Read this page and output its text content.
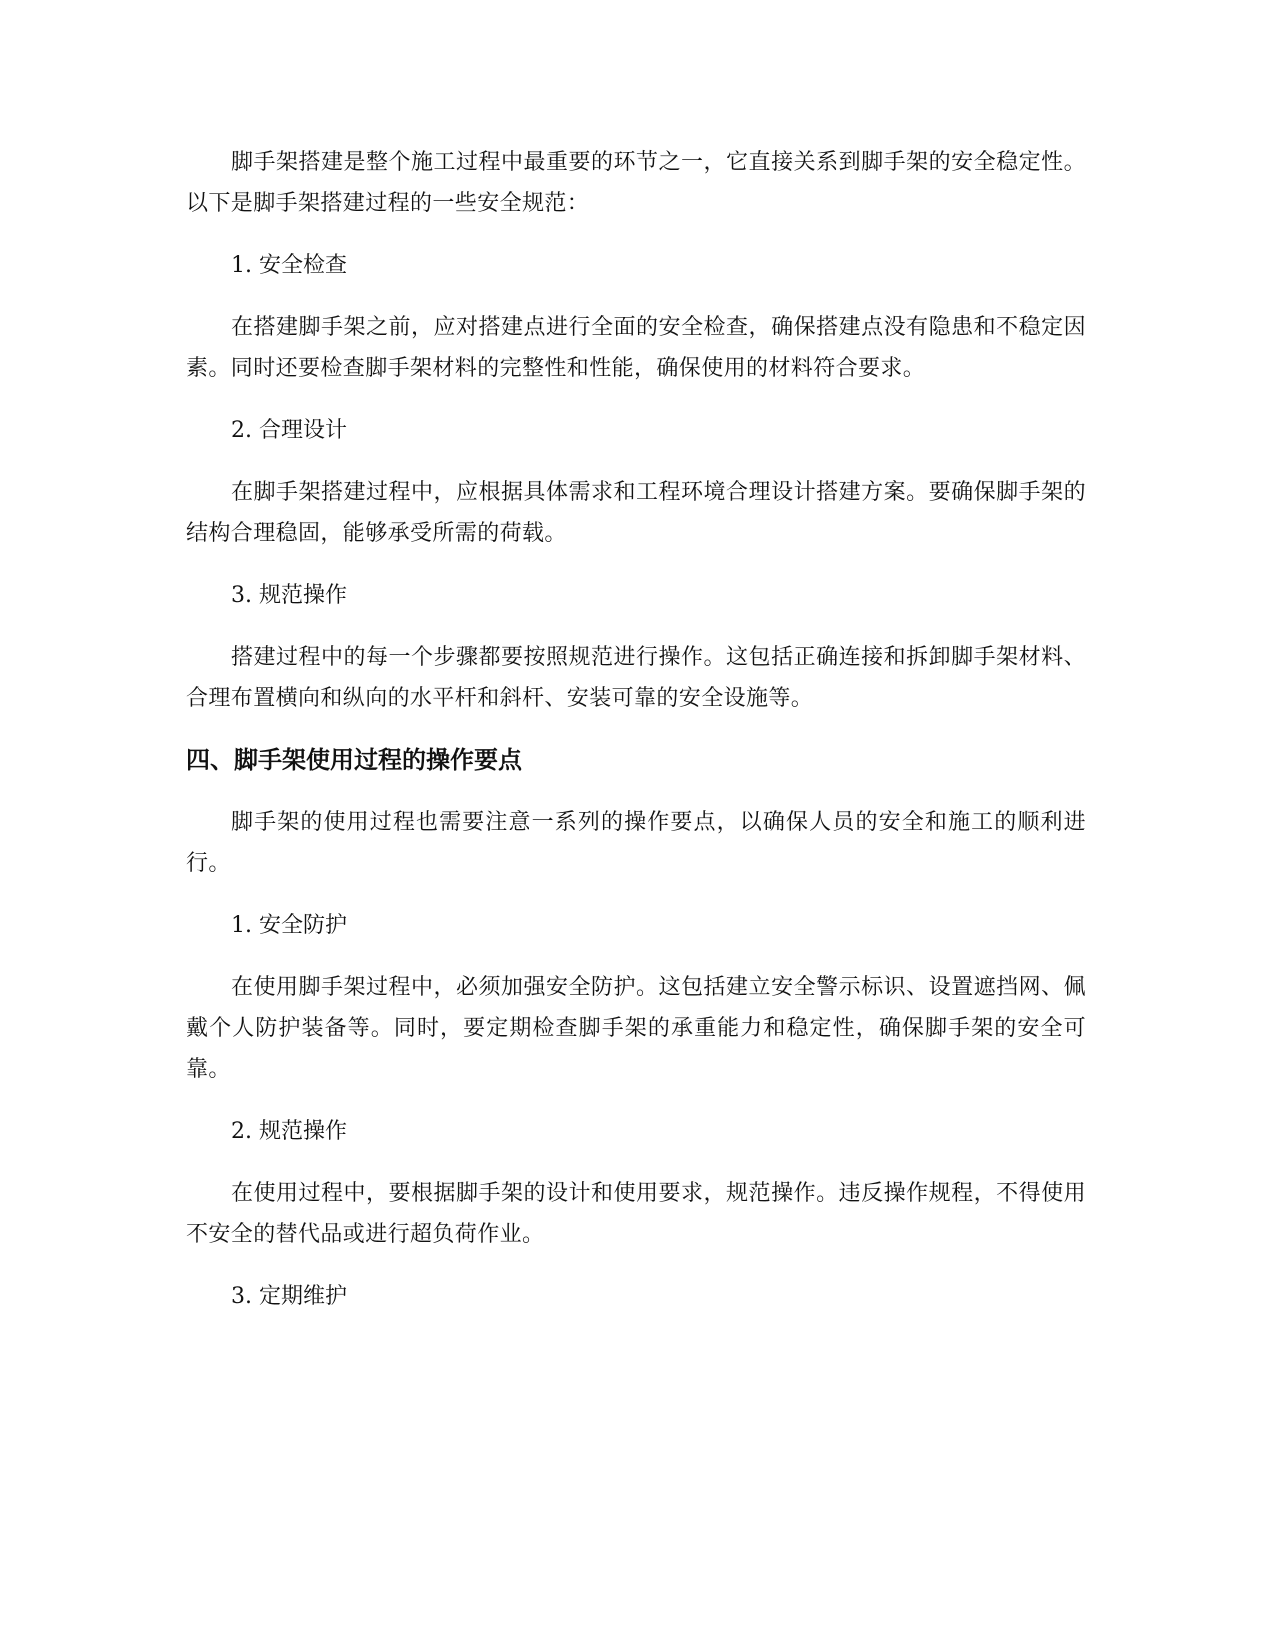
脚手架搭建是整个施工过程中最重要的环节之一，它直接关系到脚手架的安全稳定性。以下是脚手架搭建过程的一些安全规范：

1. 安全检查

在搭建脚手架之前，应对搭建点进行全面的安全检查，确保搭建点没有隐患和不稳定因素。同时还要检查脚手架材料的完整性和性能，确保使用的材料符合要求。

2. 合理设计

在脚手架搭建过程中，应根据具体需求和工程环境合理设计搭建方案。要确保脚手架的结构合理稳固，能够承受所需的荷载。

3. 规范操作

搭建过程中的每一个步骤都要按照规范进行操作。这包括正确连接和拆卸脚手架材料、合理布置横向和纵向的水平杆和斜杆、安装可靠的安全设施等。

四、脚手架使用过程的操作要点

脚手架的使用过程也需要注意一系列的操作要点，以确保人员的安全和施工的顺利进行。

1. 安全防护

在使用脚手架过程中，必须加强安全防护。这包括建立安全警示标识、设置遮挡网、佩戴个人防护装备等。同时，要定期检查脚手架的承重能力和稳定性，确保脚手架的安全可靠。

2. 规范操作

在使用过程中，要根据脚手架的设计和使用要求，规范操作。违反操作规程，不得使用不安全的替代品或进行超负荷作业。

3. 定期维护
